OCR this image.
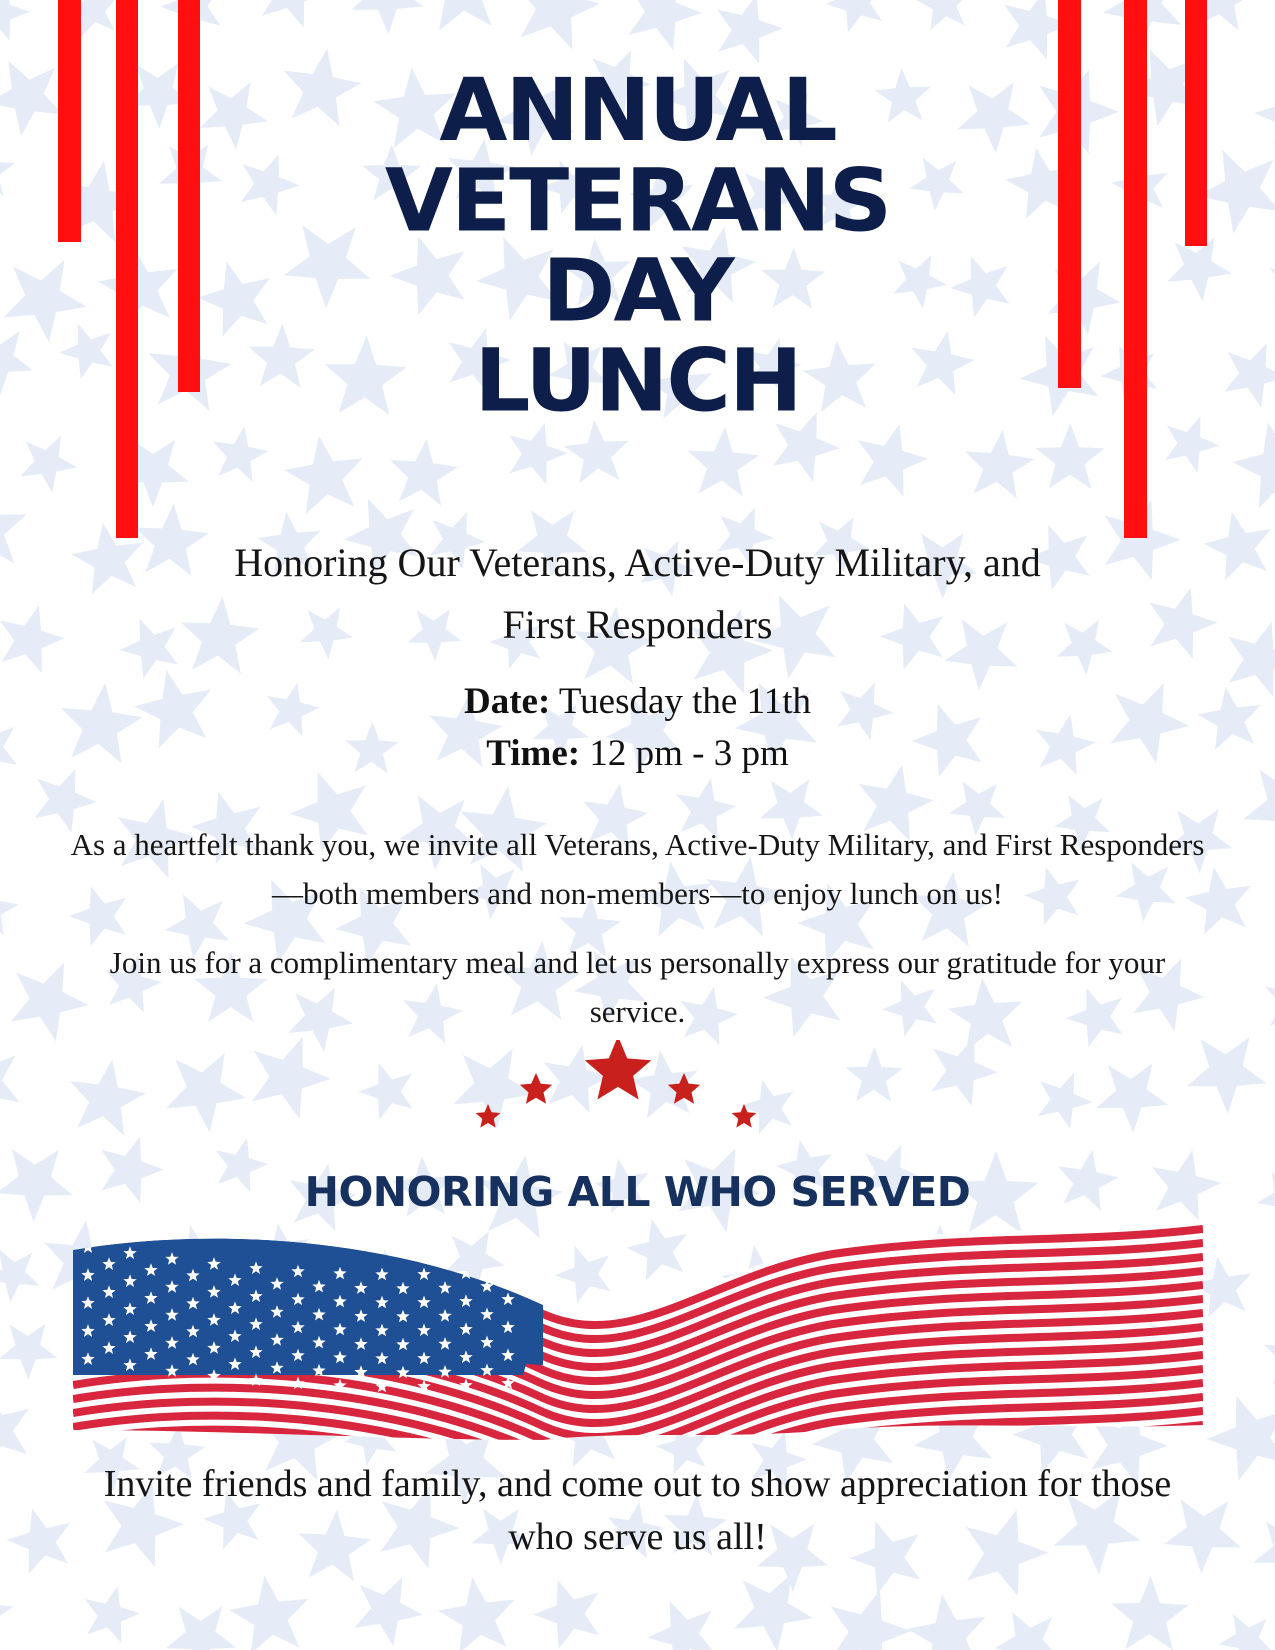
ANNUAL
VETERANS
DAY
LUNCH
Honoring Our Veterans, Active-Duty Military, and First Responders
Date: Tuesday the 11th
Time: 12 pm - 3 pm
As a heartfelt thank you, we invite all Veterans, Active-Duty Military, and First Responders—both members and non-members—to enjoy lunch on us!
Join us for a complimentary meal and let us personally express our gratitude for your service.
HONORING ALL WHO SERVED
Invite friends and family, and come out to show appreciation for those who serve us all!
